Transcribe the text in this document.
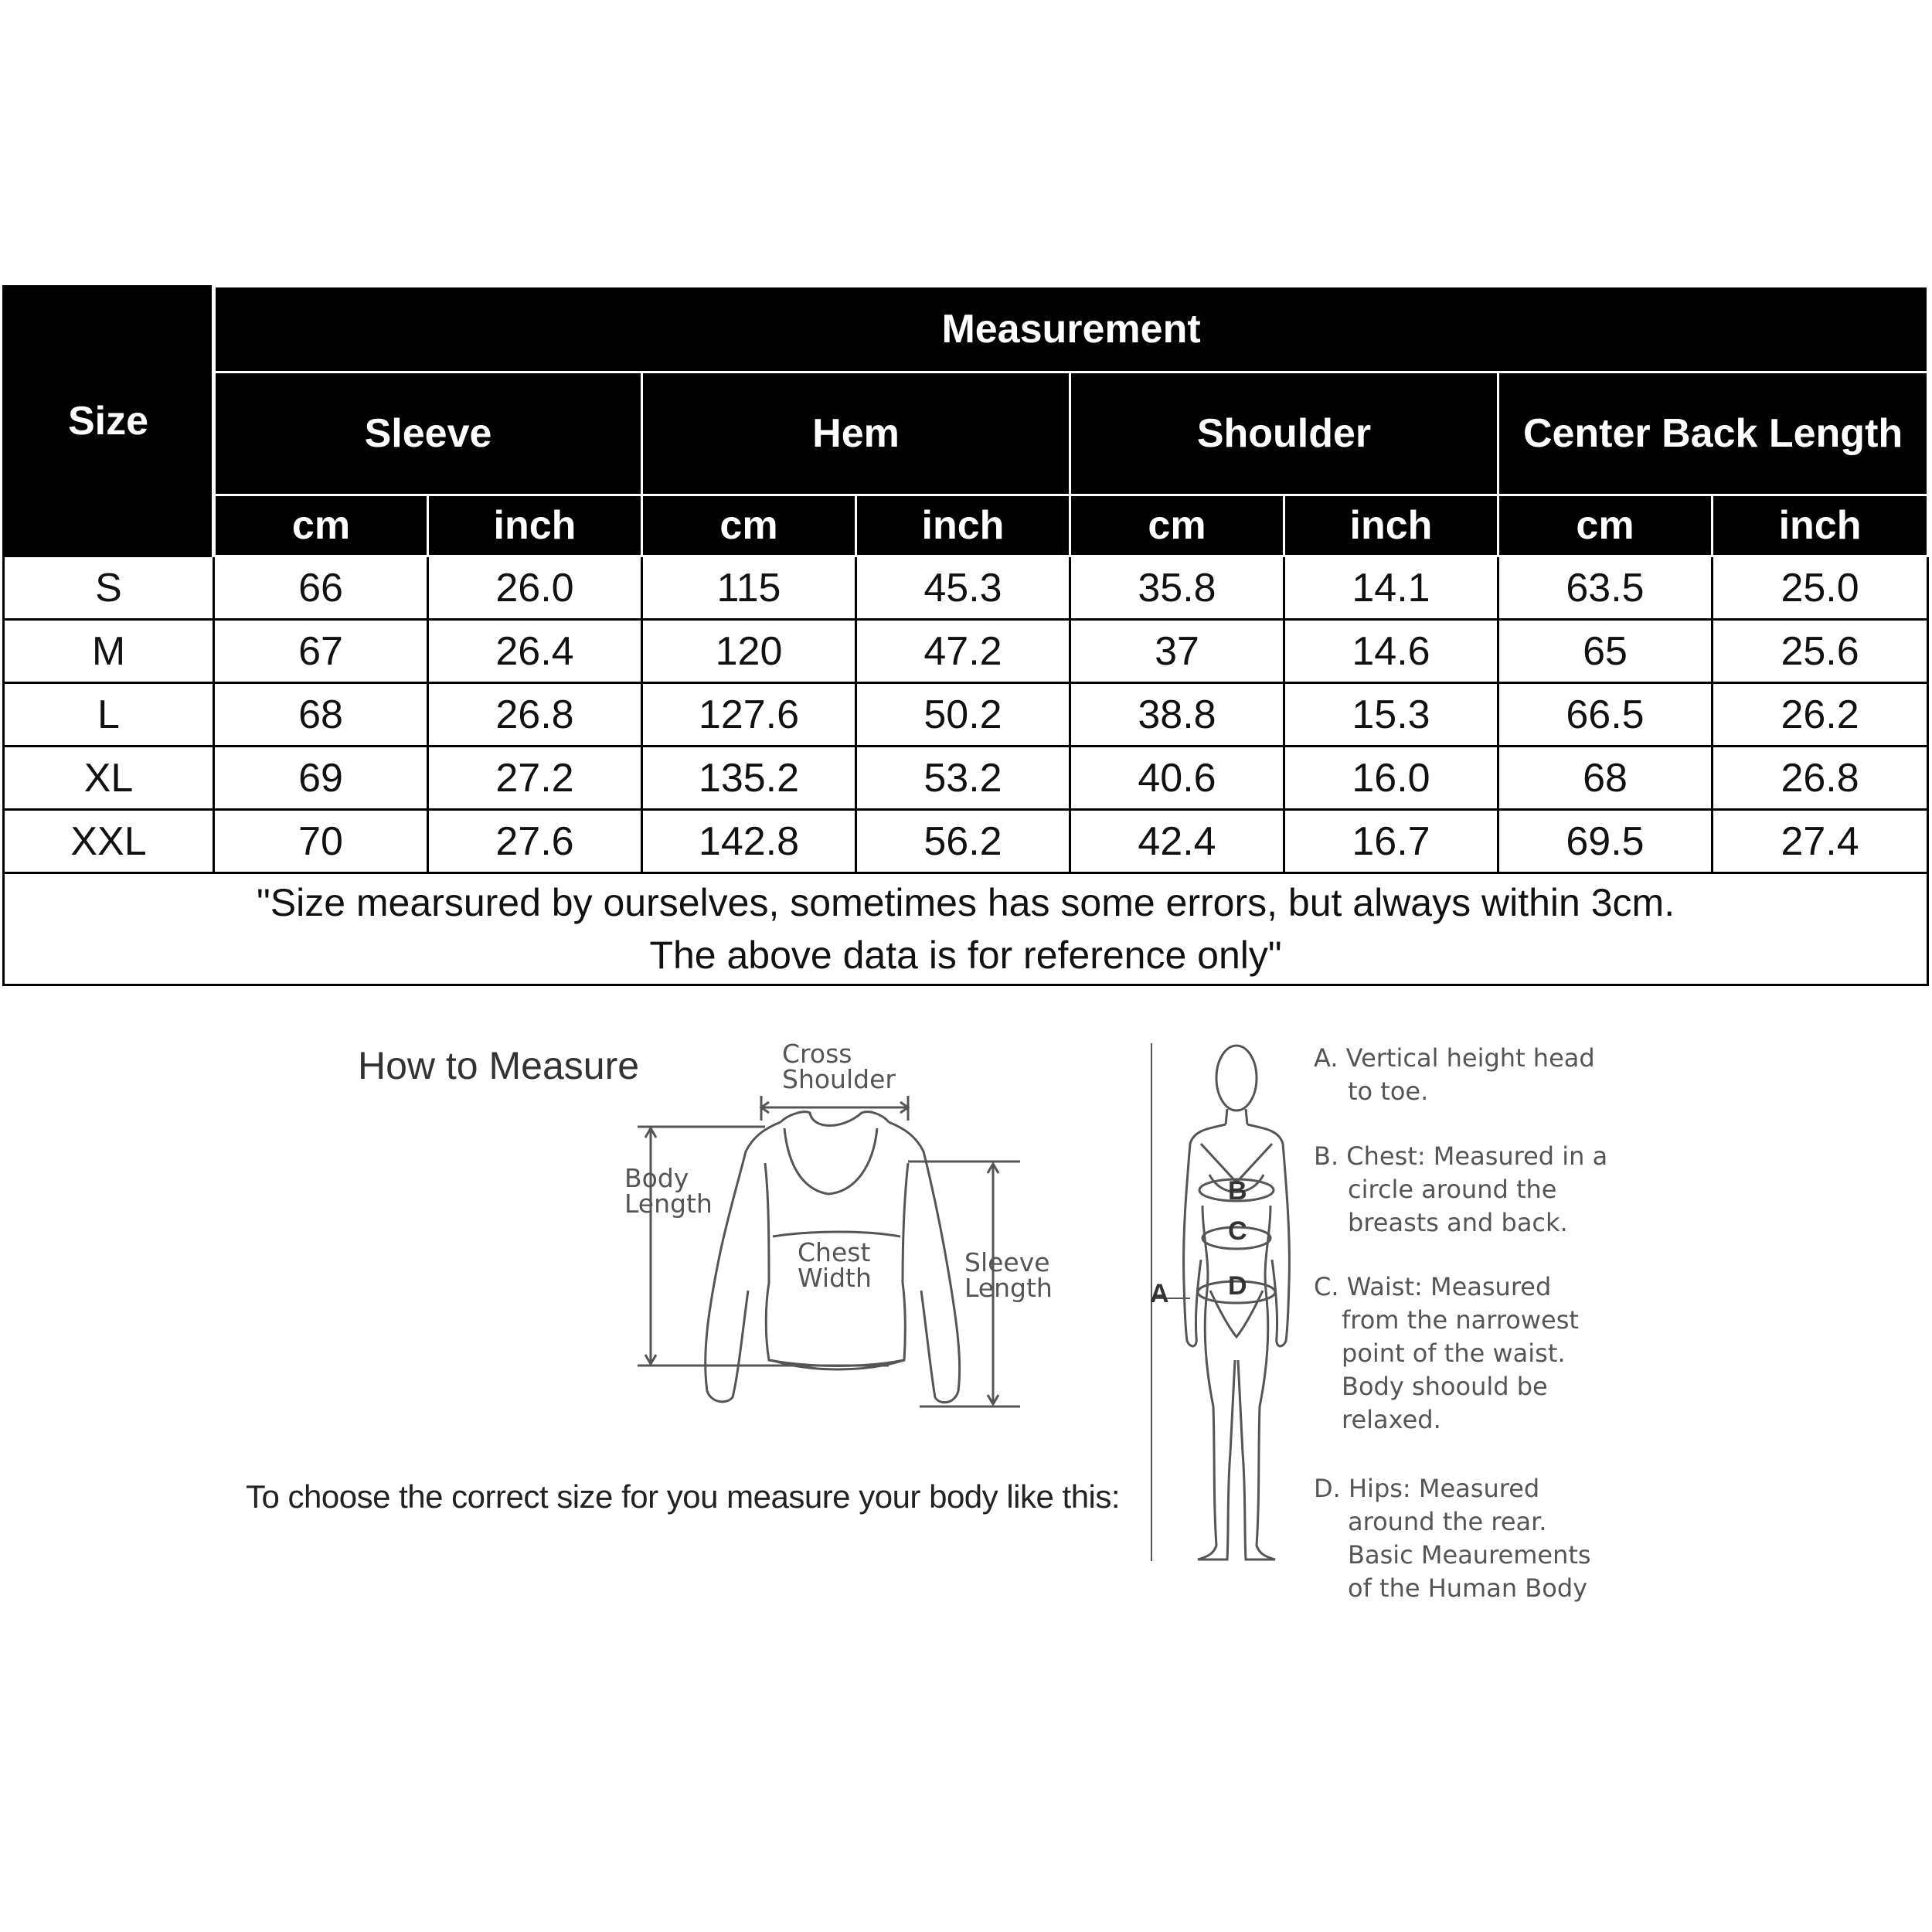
Size	Measurement							
	Sleeve		Hem		Shoulder		Center Back Length	
	cm	inch	cm	inch	cm	inch	cm	inch
S	66	26.0	115	45.3	35.8	14.1	63.5	25.0
M	67	26.4	120	47.2	37	14.6	65	25.6
L	68	26.8	127.6	50.2	38.8	15.3	66.5	26.2
XL	69	27.2	135.2	53.2	40.6	16.0	68	26.8
XXL	70	27.6	142.8	56.2	42.4	16.7	69.5	27.4
"Size mearsured by ourselves, sometimes has some errors, but always within 3cm.
The above data is for reference only"								
How to Measure	Cross
Shoulder
Body
Length
Chest
Width
Sleeve
Length
To choose the correct size for you measure your body like this:
A
B
C
D
A. Vertical height head
to toe.
B. Chest: Measured in a
circle around the
breasts and back.
C. Waist: Measured
from the narrowest
point of the waist.
Body shoould be
relaxed.
D. Hips: Measured
around the rear.
Basic Meaurements
of the Human Body
